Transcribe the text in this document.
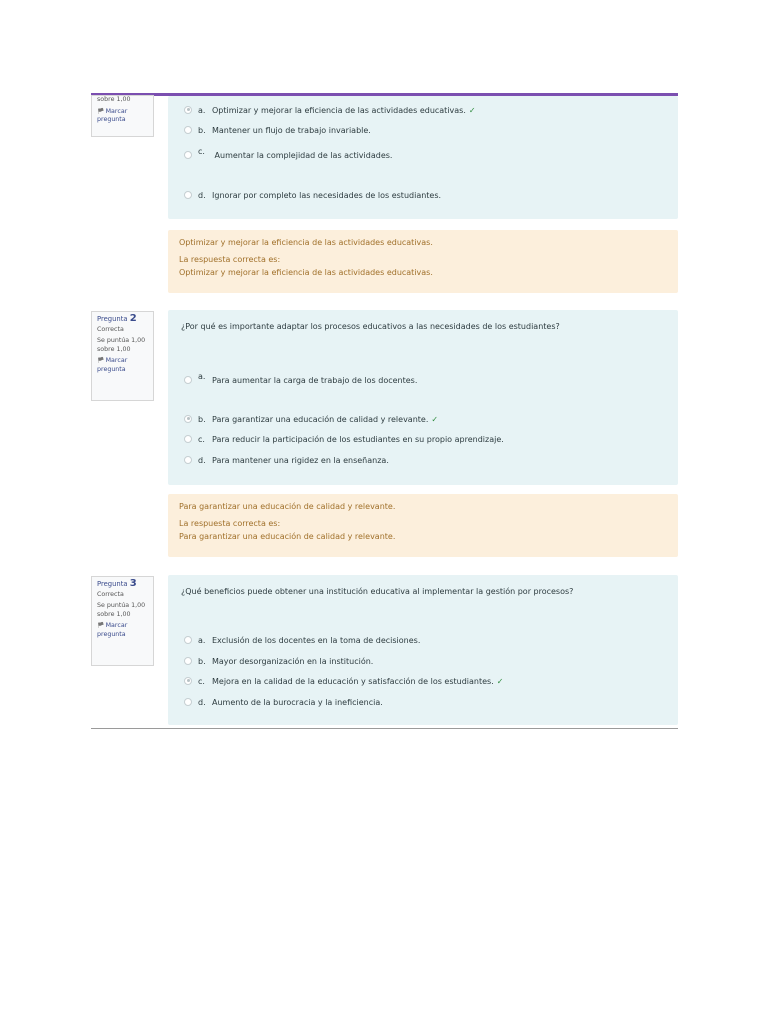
sobre 1,00
🏴︎Marcar pregunta
a. Optimizar y mejorar la eficiencia de las actividades educativas. ✓
b. Mantener un flujo de trabajo invariable.
c. Aumentar la complejidad de las actividades.
d. Ignorar por completo las necesidades de los estudiantes.
Optimizar y mejorar la eficiencia de las actividades educativas.
La respuesta correcta es:
Optimizar y mejorar la eficiencia de las actividades educativas.
Pregunta 2
Correcta
Se puntúa 1,00 sobre 1,00
🏴︎Marcar pregunta
¿Por qué es importante adaptar los procesos educativos a las necesidades de los estudiantes?
a. Para aumentar la carga de trabajo de los docentes.
b. Para garantizar una educación de calidad y relevante. ✓
c. Para reducir la participación de los estudiantes en su propio aprendizaje.
d. Para mantener una rigidez en la enseñanza.
Para garantizar una educación de calidad y relevante.
La respuesta correcta es:
Para garantizar una educación de calidad y relevante.
Pregunta 3
Correcta
Se puntúa 1,00 sobre 1,00
🏴︎Marcar pregunta
¿Qué beneficios puede obtener una institución educativa al implementar la gestión por procesos?
a. Exclusión de los docentes en la toma de decisiones.
b. Mayor desorganización en la institución.
c. Mejora en la calidad de la educación y satisfacción de los estudiantes. ✓
d. Aumento de la burocracia y la ineficiencia.
